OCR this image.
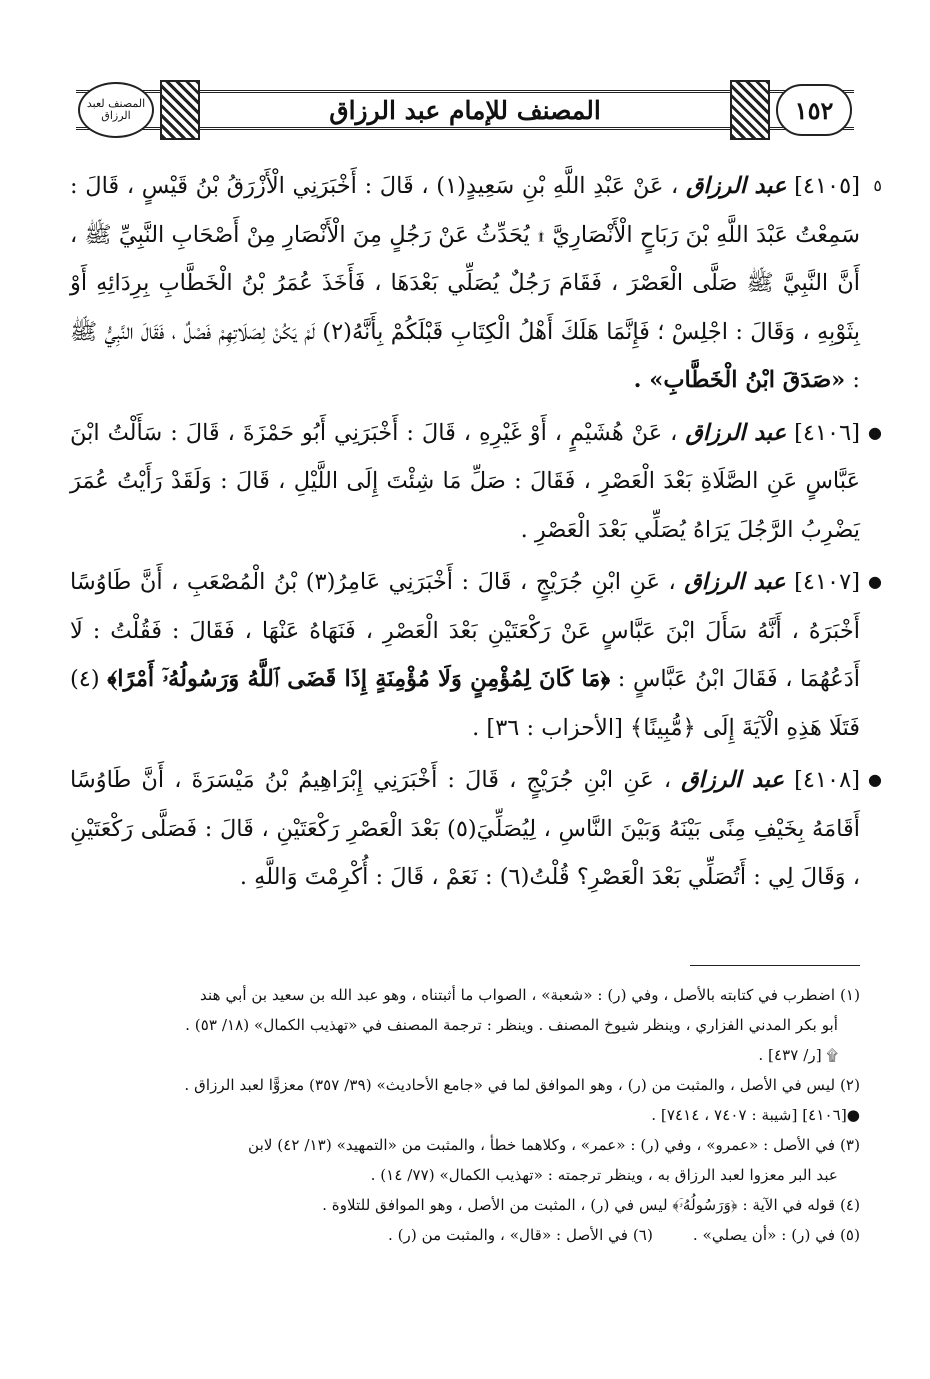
١٥٢
المصنف لعبد الرزاق	المصنف للإمام عبد الرزاق

٥
[٤١٠٥] عبد الرزاق ، عَنْ عَبْدِ اللَّهِ بْنِ سَعِيدٍ(١) ، قَالَ : أَخْبَرَنِي الْأَزْرَقُ بْنُ قَيْسٍ ، قَالَ : سَمِعْتُ عَبْدَ اللَّهِ بْنَ رَبَاحٍ الْأَنْصَارِيَّ ۩ يُحَدِّثُ عَنْ رَجُلٍ مِنَ الْأَنْصَارِ مِنْ أَصْحَابِ النَّبِيِّ ﷺ ، أَنَّ النَّبِيَّ ﷺ صَلَّى الْعَصْرَ ، فَقَامَ رَجُلٌ يُصَلِّي بَعْدَهَا ، فَأَخَذَ عُمَرُ بْنُ الْخَطَّابِ بِرِدَائِهِ أَوْ بِثَوْبِهِ ، وَقَالَ : اجْلِسْ ؛ فَإِنَّمَا هَلَكَ أَهْلُ الْكِتَابِ قَبْلَكُمْ بِأَنَّهُ(٢) لَمْ يَكُنْ لِصَلَاتِهِمْ فَصْلٌ ، فَقَالَ النَّبِيُّ ﷺ : «صَدَقَ ابْنُ الْخَطَّابِ» .

●
[٤١٠٦] عبد الرزاق ، عَنْ هُشَيْمٍ ، أَوْ غَيْرِهِ ، قَالَ : أَخْبَرَنِي أَبُو حَمْزَةَ ، قَالَ : سَأَلْتُ ابْنَ عَبَّاسٍ عَنِ الصَّلَاةِ بَعْدَ الْعَصْرِ ، فَقَالَ : صَلِّ مَا شِئْتَ إِلَى اللَّيْلِ ، قَالَ : وَلَقَدْ رَأَيْتُ عُمَرَ يَضْرِبُ الرَّجُلَ يَرَاهُ يُصَلِّي بَعْدَ الْعَصْرِ .

●
[٤١٠٧] عبد الرزاق ، عَنِ ابْنِ جُرَيْجٍ ، قَالَ : أَخْبَرَنِي عَامِرُ(٣) بْنُ الْمُصْعَبِ ، أَنَّ طَاوُسًا أَخْبَرَهُ ، أَنَّهُ سَأَلَ ابْنَ عَبَّاسٍ عَنْ رَكْعَتَيْنِ بَعْدَ الْعَصْرِ ، فَنَهَاهُ عَنْهَا ، فَقَالَ : فَقُلْتُ : لَا أَدَعُهُمَا ، فَقَالَ ابْنُ عَبَّاسٍ : ﴿مَا كَانَ لِمُؤْمِنٍ وَلَا مُؤْمِنَةٍ إِذَا قَضَى ٱللَّهُ وَرَسُولُهُۥٓ أَمْرًا﴾ (٤) فَتَلَا هَذِهِ الْآيَةَ إِلَى ﴿مُّبِينًا﴾ [الأحزاب : ٣٦] .

●
[٤١٠٨] عبد الرزاق ، عَنِ ابْنِ جُرَيْجٍ ، قَالَ : أَخْبَرَنِي إِبْرَاهِيمُ بْنُ مَيْسَرَةَ ، أَنَّ طَاوُسًا أَقَامَهُ بِخَيْفِ مِنًى بَيْنَهُ وَبَيْنَ النَّاسِ ، لِيُصَلِّيَ(٥) بَعْدَ الْعَصْرِ رَكْعَتَيْنِ ، قَالَ : فَصَلَّى رَكْعَتَيْنِ ، وَقَالَ لِي : أَتُصَلِّي بَعْدَ الْعَصْرِ؟ قُلْتُ(٦) : نَعَمْ ، قَالَ : أُكْرِمْتَ وَاللَّهِ .

(١) اضطرب في كتابته بالأصل ، وفي (ر) : «شعبة» ، الصواب ما أثبتناه ، وهو عبد الله بن سعيد بن أبي هند

أبو بكر المدني الفزاري ، وينظر شيوخ المصنف . وينظر : ترجمة المصنف في «تهذيب الكمال» (١٨/ ٥٣) .

۩ [ر/ ٤٣٧] .

(٢) ليس في الأصل ، والمثبت من (ر) ، وهو الموافق لما في «جامع الأحاديث» (٣٩/ ٣٥٧) معزوًّا لعبد الرزاق .

●[٤١٠٦] [شيبة : ٧٤٠٧ ، ٧٤١٤] .

(٣) في الأصل : «عمرو» ، وفي (ر) : «عمر» ، وكلاهما خطأ ، والمثبت من «التمهيد» (١٣/ ٤٢) لابن

عبد البر معزوا لعبد الرزاق به ، وينظر ترجمته : «تهذيب الكمال» (٧٧/ ١٤) .

(٤) قوله في الآية : ﴿وَرَسُولُهُۥٓ﴾ ليس في (ر) ، المثبت من الأصل ، وهو الموافق للتلاوة .

(٥) في (ر) : «أن يصلي» .
(٦) في الأصل : «قال» ، والمثبت من (ر) .
